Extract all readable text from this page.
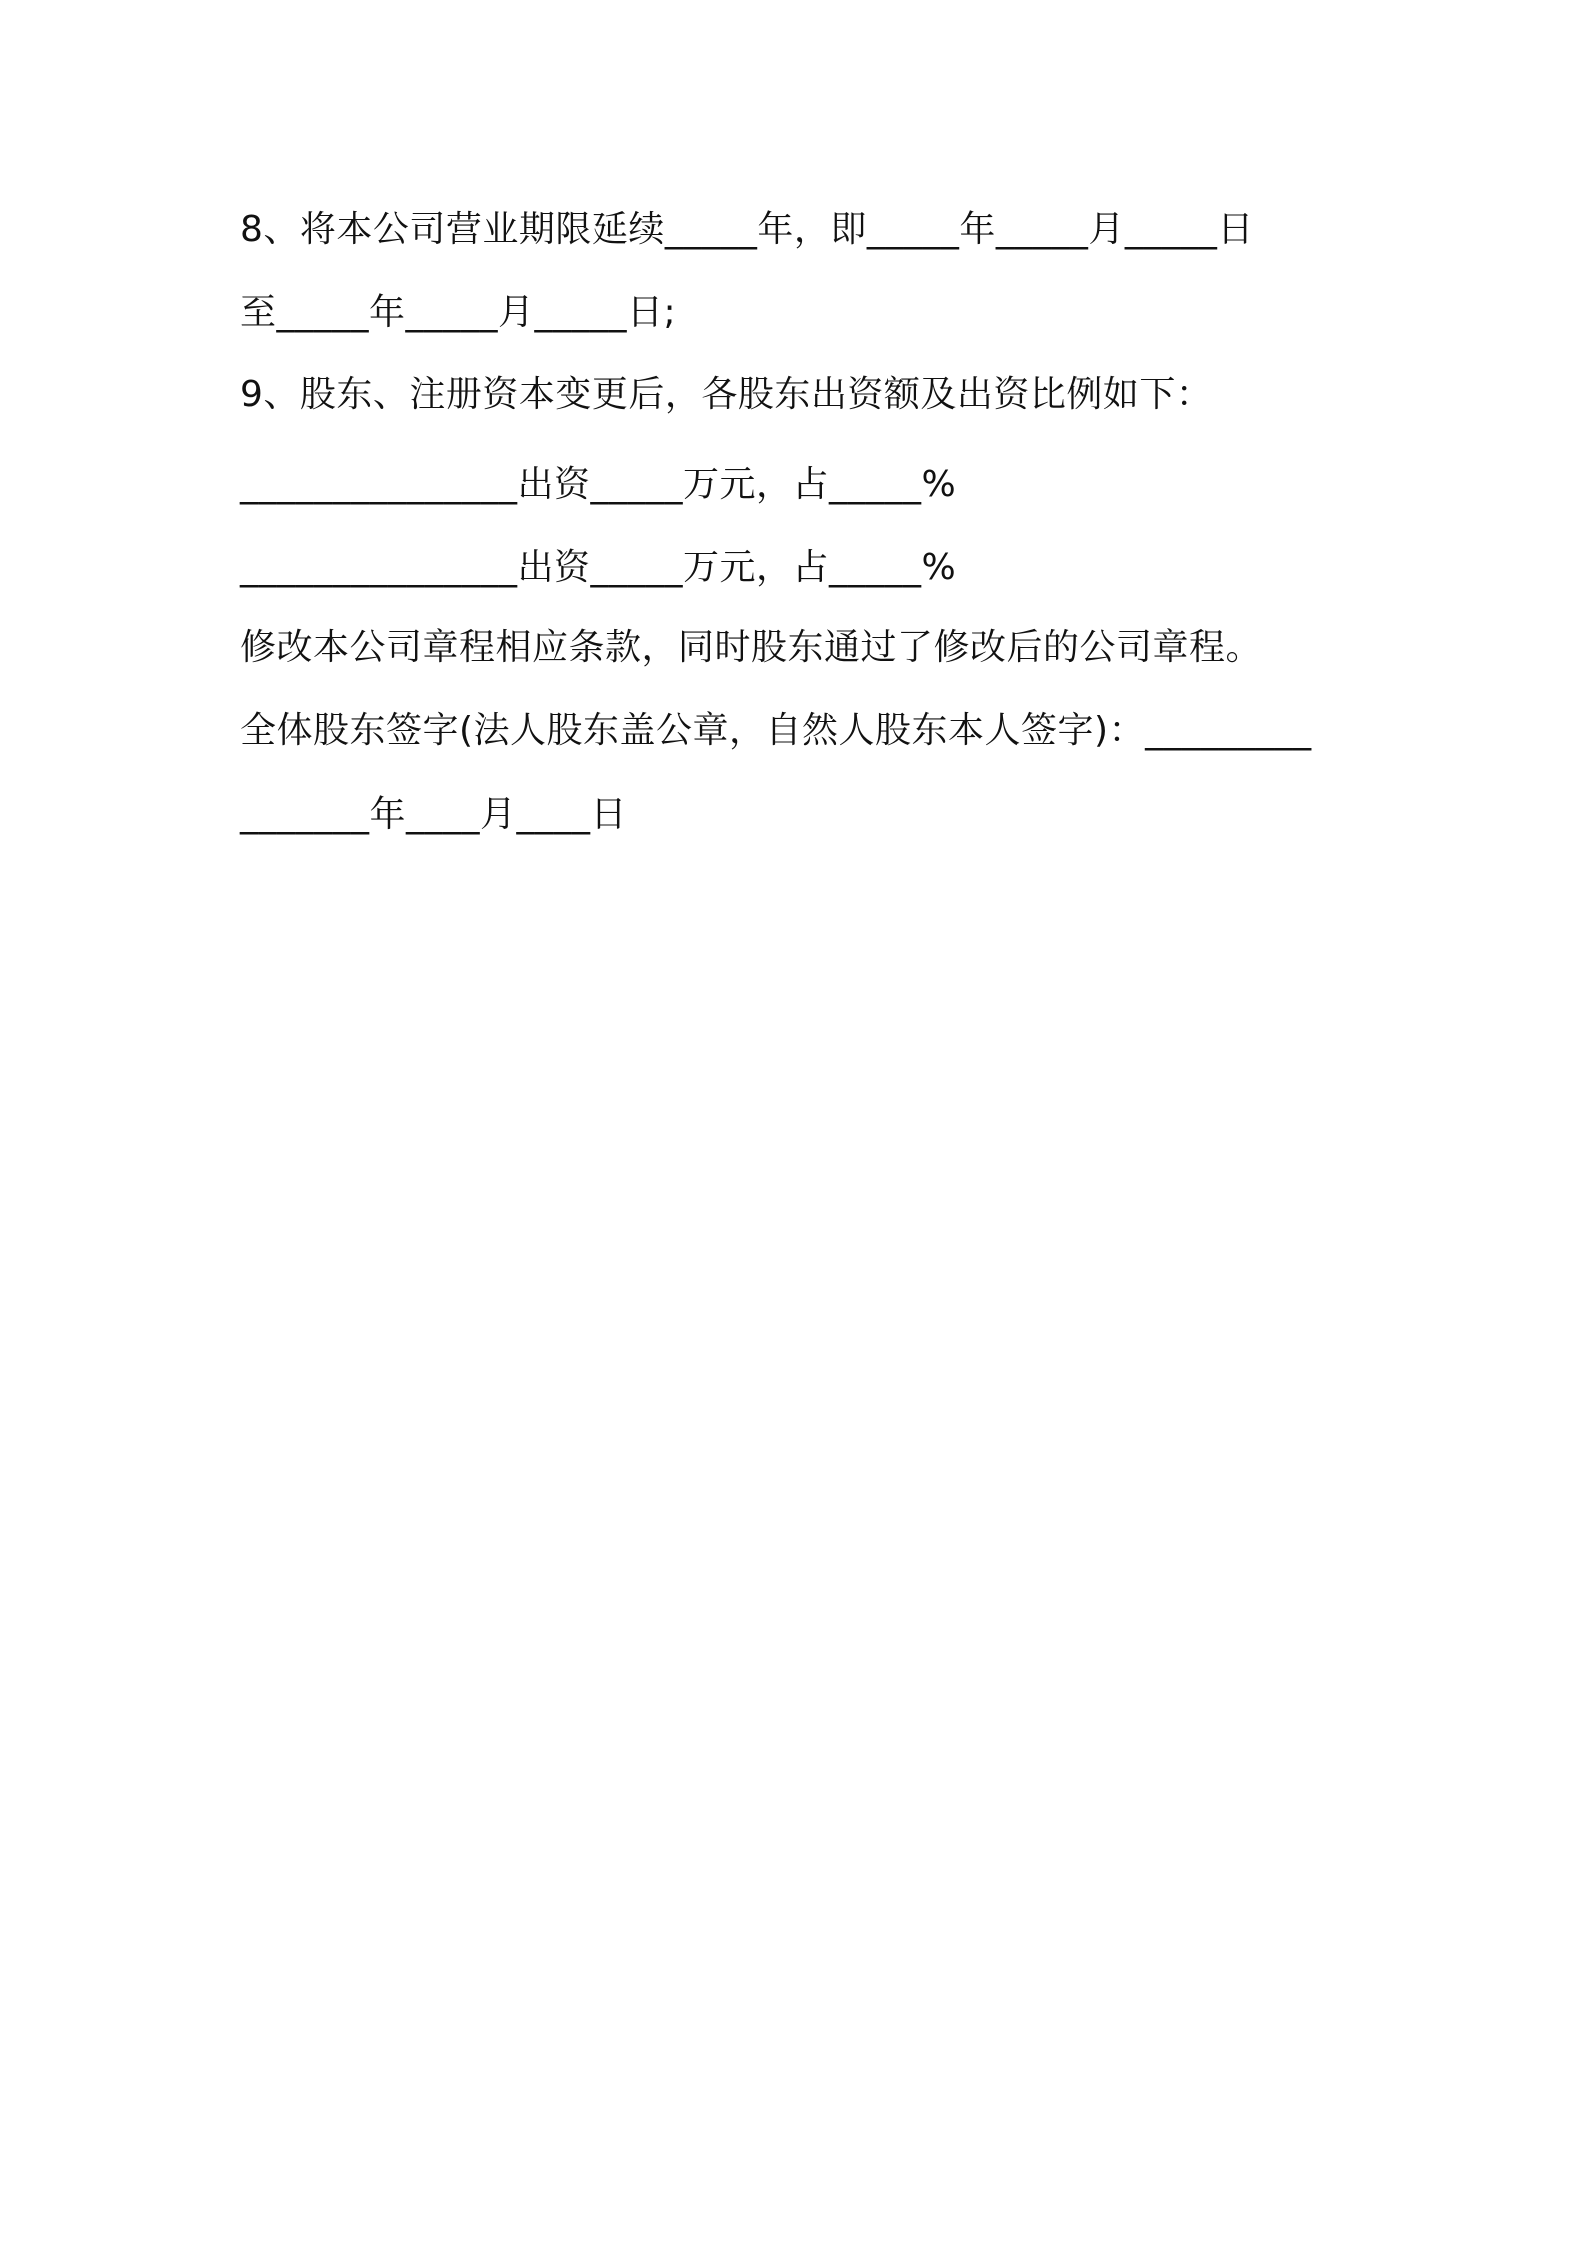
8、将本公司营业期限延续_____年，即_____年_____月_____日
至_____年_____月_____日;
9、股东、注册资本变更后，各股东出资额及出资比例如下：
_______________出资_____万元，占_____%
_______________出资_____万元，占_____%
修改本公司章程相应条款，同时股东通过了修改后的公司章程。
全体股东签字(法人股东盖公章，自然人股东本人签字)：_________
_______年____月____日
